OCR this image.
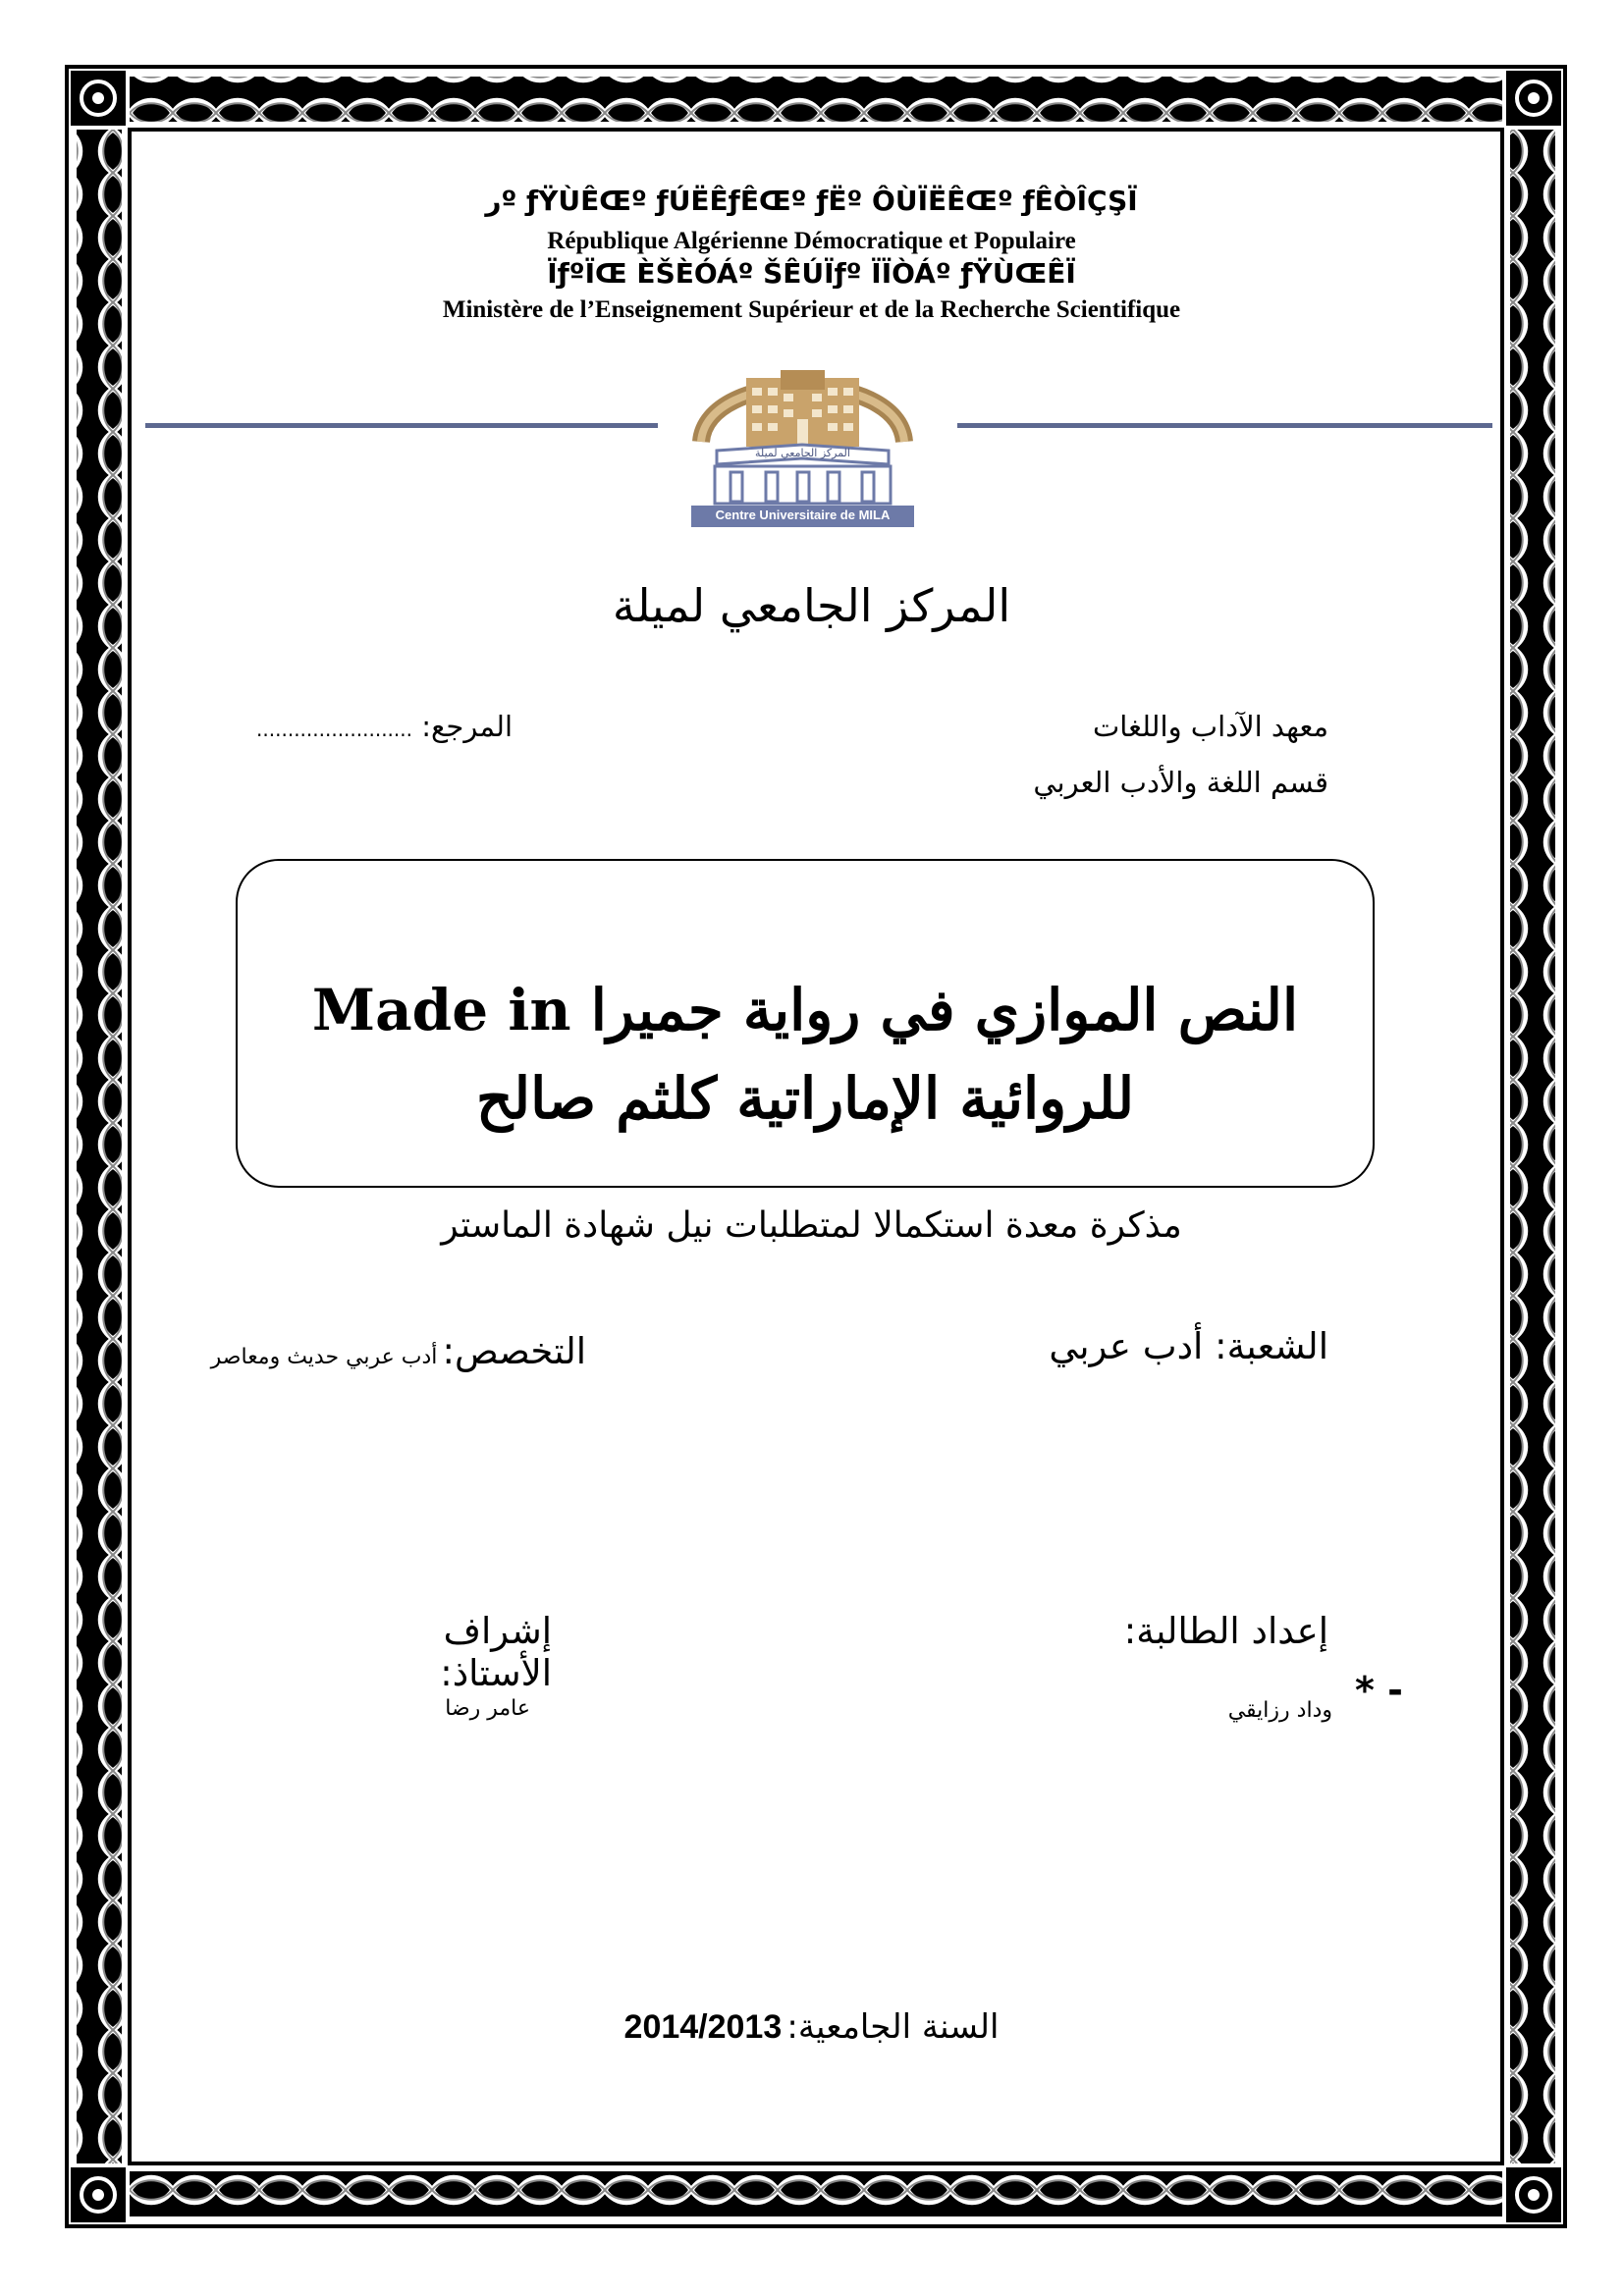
ﺭº ƒŸÙÊŒº ƒÚËÊƒÊŒº ƒËº ÔÙÏËÊŒº ƒÊÒÎÇŞÏ
République Algérienne Démocratique et Populaire
ÏƒºÏŒ ÈŠÈÓÁº ŠÊÚÏƒº ÏÏÒÁº ƒŸÙŒÊÏ
Ministère de l’Enseignement Supérieur et de la Recherche Scientifique
المركز الجامعي لميلة
Centre Universitaire de MILA
المركز الجامعي لميلة
معهد الآداب واللغات
قسم اللغة والأدب العربي
المرجع: .........................
النص الموازي في رواية جميرا Made in
للروائية الإماراتية كلثم صالح
مذكرة معدة استكمالا لمتطلبات نيل شهادة الماستر
الشعبة: أدب عربي
التخصص: أدب عربي حديث ومعاصر
إعداد الطالبة:
إشراف الأستاذ:	* -
وداد رزايقي
عامر رضا
السنة الجامعية: 2014/2013
